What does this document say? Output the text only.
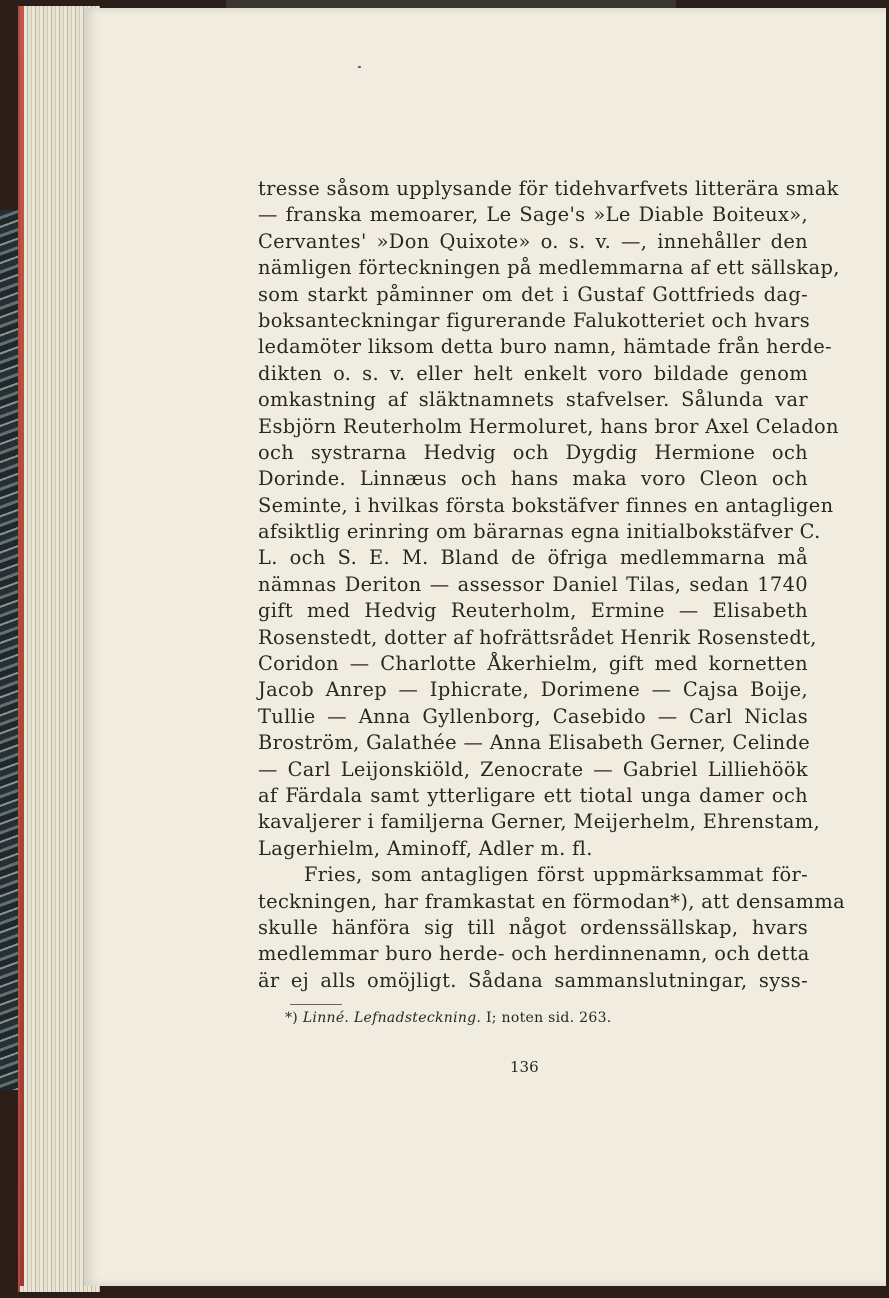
tresse såsom upplysande för tidehvarfvets litterära smak
— franska memoarer, Le Sage's »Le Diable Boiteux»,
Cervantes' »Don Quixote» o. s. v. —, innehåller den
nämligen förteckningen på medlemmarna af ett sällskap,
som starkt påminner om det i Gustaf Gottfrieds dag-
boksanteckningar figurerande Falukotteriet och hvars
ledamöter liksom detta buro namn, hämtade från herde-
dikten o. s. v. eller helt enkelt voro bildade genom
omkastning af släktnamnets stafvelser. Sålunda var
Esbjörn Reuterholm Hermoluret, hans bror Axel Celadon
och systrarna Hedvig och Dygdig Hermione och
Dorinde. Linnæus och hans maka voro Cleon och
Seminte, i hvilkas första bokstäfver finnes en antagligen
afsiktlig erinring om bärarnas egna initialbokstäfver C.
L. och S. E. M. Bland de öfriga medlemmarna må
nämnas Deriton — assessor Daniel Tilas, sedan 1740
gift med Hedvig Reuterholm, Ermine — Elisabeth
Rosenstedt, dotter af hofrättsrådet Henrik Rosenstedt,
Coridon — Charlotte Åkerhielm, gift med kornetten
Jacob Anrep — Iphicrate, Dorimene — Cajsa Boije,
Tullie — Anna Gyllenborg, Casebido — Carl Niclas
Broström, Galathée — Anna Elisabeth Gerner, Celinde
— Carl Leijonskiöld, Zenocrate — Gabriel Lilliehöök
af Färdala samt ytterligare ett tiotal unga damer och
kavaljerer i familjerna Gerner, Meijerhelm, Ehrenstam,
Lagerhielm, Aminoff, Adler m. fl.
Fries, som antagligen först uppmärksammat för-
teckningen, har framkastat en förmodan*), att densamma
skulle hänföra sig till något ordenssällskap, hvars
medlemmar buro herde- och herdinnenamn, och detta
är ej alls omöjligt. Sådana sammanslutningar, syss-
*) Linné. Lefnadsteckning. I; noten sid. 263.
136
